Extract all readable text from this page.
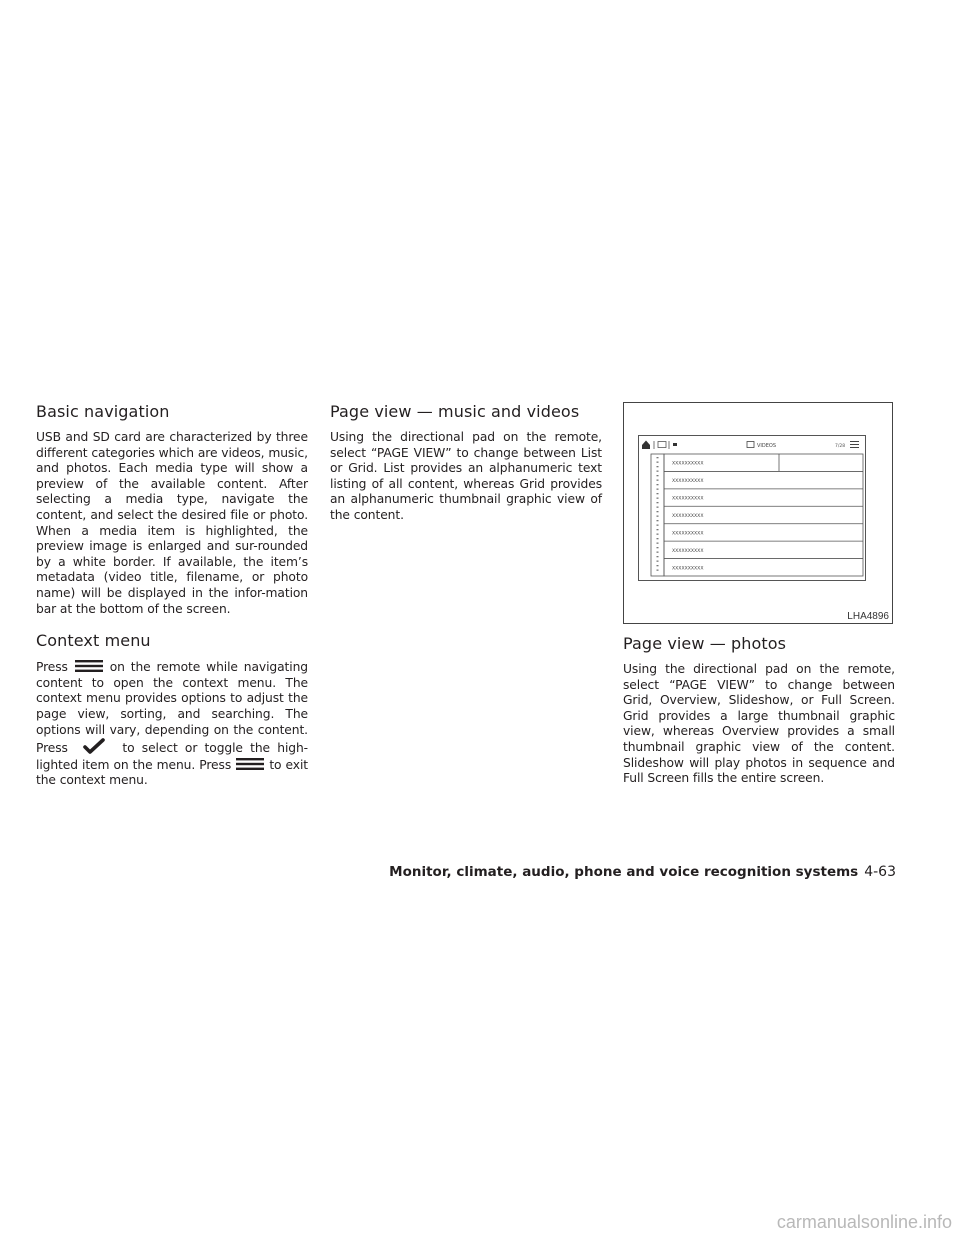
Basic navigation

USB and SD card are characterized by three different categories which are videos, music, and photos. Each media type will show a preview of the available content. After selecting a media type, navigate the content, and select the desired file or photo. When a media item is highlighted, the preview image is enlarged and sur-rounded by a white border. If available, the item’s metadata (video title, filename, or photo name) will be displayed in the infor-mation bar at the bottom of the screen.

Context menu

Press	on the remote while navigating content to open the context menu. The context menu provides options to adjust the page view, sorting, and searching. The options will vary, depending on the content. Press	to select or toggle the high-lighted item on the menu. Press	to exit the context menu.

Page view — music and videos

Using the directional pad on the remote, select “PAGE VIEW” to change between List or Grid. List provides an alphanumeric text listing of all content, whereas Grid provides an alphanumeric thumbnail graphic view of the content.

VIDEOS	7/28
XXXXXXXXXX
XXXXXXXXXX
XXXXXXXXXX
XXXXXXXXXX
XXXXXXXXXX
XXXXXXXXXX
XXXXXXXXXX
LHA4896
Page view — photos

Using the directional pad on the remote, select “PAGE VIEW” to change between Grid, Overview, Slideshow, or Full Screen. Grid provides a large thumbnail graphic view, whereas Overview provides a small thumbnail graphic view of the content. Slideshow will play photos in sequence and Full Screen fills the entire screen.

Monitor, climate, audio, phone and voice recognition systems 4-63
carmanualsonline.info
